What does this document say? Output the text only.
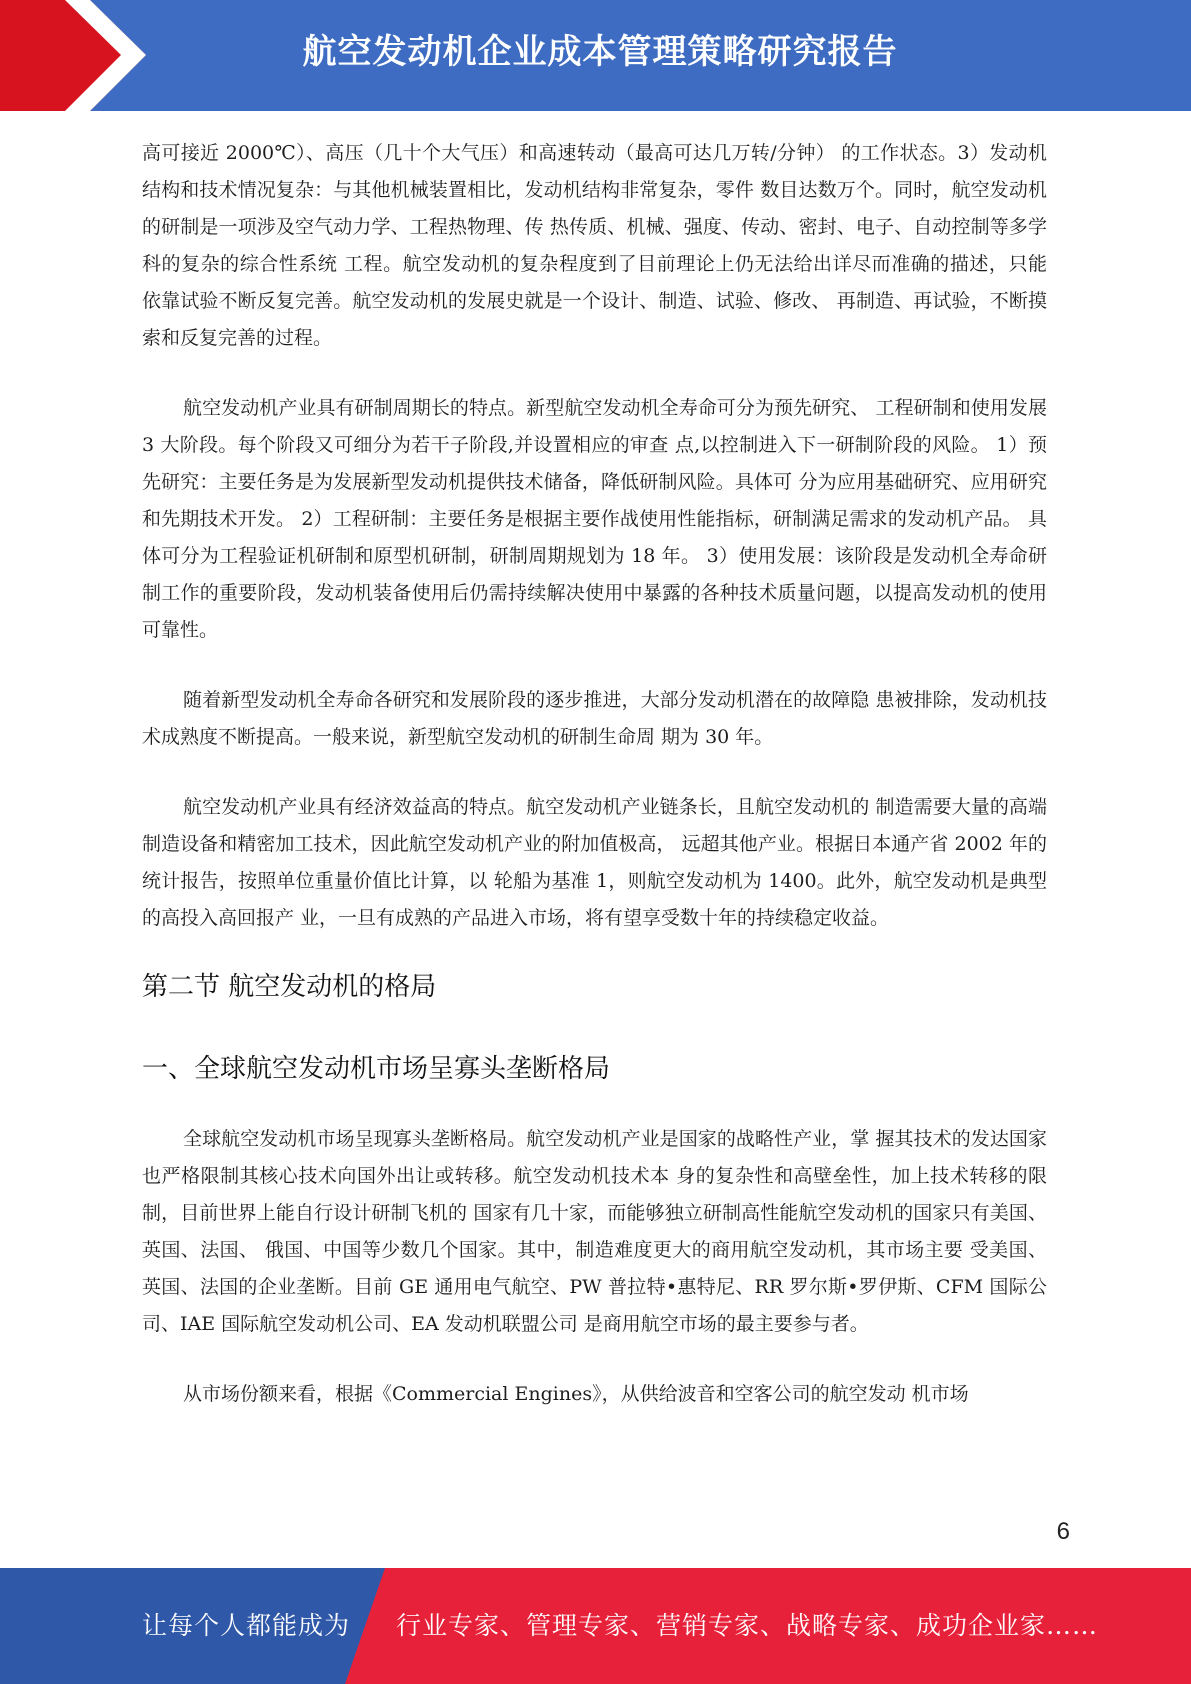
航空发动机企业成本管理策略研究报告

高可接近 2000℃）、高压（几十个大气压）和高速转动（最高可达几万转/分钟） 的工作状态。3）发动机结构和技术情况复杂：与其他机械装置相比，发动机结构非常复杂，零件 数目达数万个。同时，航空发动机的研制是一项涉及空气动力学、工程热物理、传 热传质、机械、强度、传动、密封、电子、自动控制等多学科的复杂的综合性系统 工程。航空发动机的复杂程度到了目前理论上仍无法给出详尽而准确的描述，只能 依靠试验不断反复完善。航空发动机的发展史就是一个设计、制造、试验、修改、 再制造、再试验，不断摸索和反复完善的过程。

航空发动机产业具有研制周期长的特点。新型航空发动机全寿命可分为预先研究、 工程研制和使用发展 3 大阶段。每个阶段又可细分为若干子阶段,并设置相应的审查 点,以控制进入下一研制阶段的风险。 1）预先研究：主要任务是为发展新型发动机提供技术储备，降低研制风险。具体可 分为应用基础研究、应用研究和先期技术开发。 2）工程研制：主要任务是根据主要作战使用性能指标，研制满足需求的发动机产品。 具体可分为工程验证机研制和原型机研制，研制周期规划为 18 年。 3）使用发展：该阶段是发动机全寿命研制工作的重要阶段，发动机装备使用后仍需持续解决使用中暴露的各种技术质量问题，以提高发动机的使用可靠性。

随着新型发动机全寿命各研究和发展阶段的逐步推进，大部分发动机潜在的故障隐 患被排除，发动机技术成熟度不断提高。一般来说，新型航空发动机的研制生命周 期为 30 年。

航空发动机产业具有经济效益高的特点。航空发动机产业链条长，且航空发动机的 制造需要大量的高端制造设备和精密加工技术，因此航空发动机产业的附加值极高， 远超其他产业。根据日本通产省 2002 年的统计报告，按照单位重量价值比计算，以 轮船为基准 1，则航空发动机为 1400。此外，航空发动机是典型的高投入高回报产 业，一旦有成熟的产品进入市场，将有望享受数十年的持续稳定收益。

第二节 航空发动机的格局
一、全球航空发动机市场呈寡头垄断格局

全球航空发动机市场呈现寡头垄断格局。航空发动机产业是国家的战略性产业，掌 握其技术的发达国家也严格限制其核心技术向国外出让或转移。航空发动机技术本 身的复杂性和高壁垒性，加上技术转移的限制，目前世界上能自行设计研制飞机的 国家有几十家，而能够独立研制高性能航空发动机的国家只有美国、英国、法国、 俄国、中国等少数几个国家。其中，制造难度更大的商用航空发动机，其市场主要 受美国、英国、法国的企业垄断。目前 GE 通用电气航空、PW 普拉特•惠特尼、RR 罗尔斯•罗伊斯、CFM 国际公司、IAE 国际航空发动机公司、EA 发动机联盟公司 是商用航空市场的最主要参与者。

从市场份额来看，根据《Commercial Engines》，从供给波音和空客公司的航空发动 机市场

6
让每个人都能成为 行业专家、管理专家、营销专家、战略专家、成功企业家……
